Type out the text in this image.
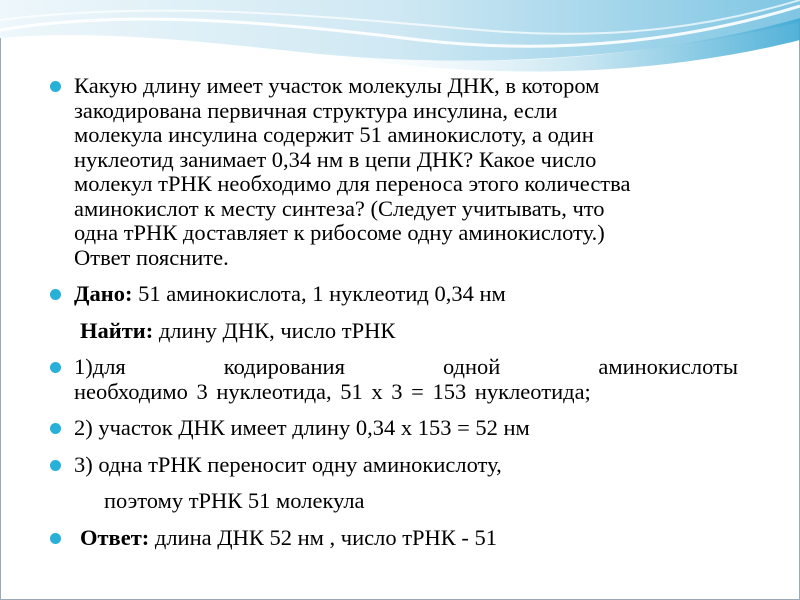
Какую длину имеет участок молекулы ДНК, в котором
закодирована первичная структура инсулина, если
молекула инсулина содержит 51 аминокислоту, а один
нуклеотид занимает 0,34 нм в цепи ДНК? Какое число
молекул тРНК необходимо для переноса этого количества
аминокислот к месту синтеза? (Следует учитывать, что
одна тРНК доставляет к рибосоме одну аминокислоту.)
Ответ поясните.
Дано: 51 аминокислота, 1 нуклеотид 0,34 нм
Найти: длину ДНК, число тРНК
1)для кодирования одной аминокислоты
необходимо 3 нуклеотида, 51 х 3 = 153 нуклеотида;
2) участок ДНК имеет длину 0,34 х 153 = 52 нм
3) одна тРНК переносит одну аминокислоту,
поэтому тРНК 51 молекула
Ответ: длина ДНК 52 нм , число тРНК - 51
